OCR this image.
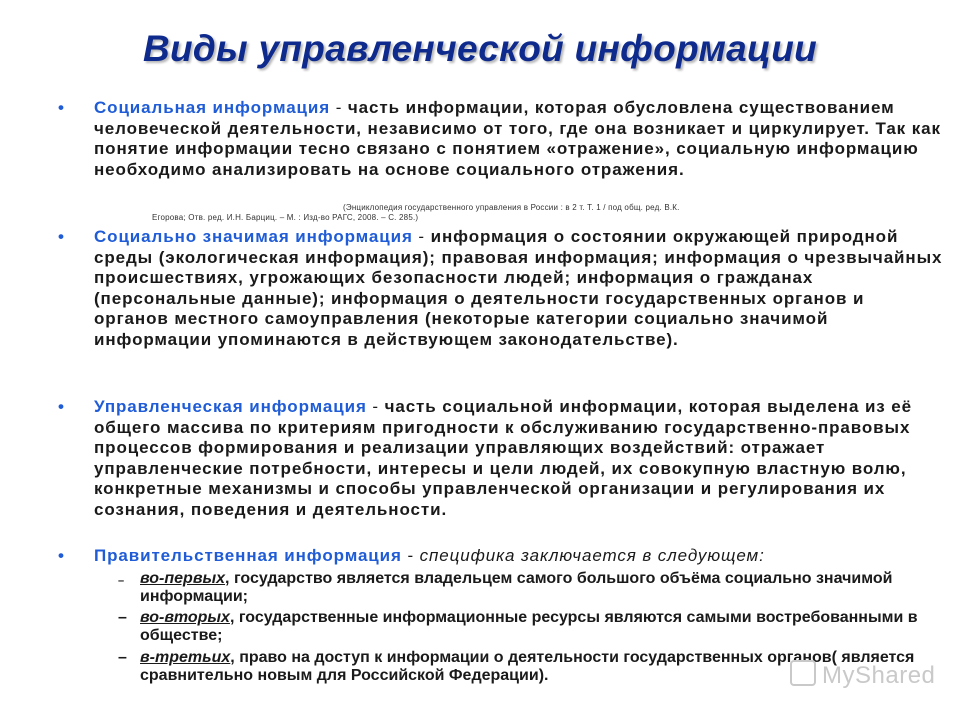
Виды управленческой информации
• Социальная информация - часть информации, которая обусловлена существованием человеческой деятельности, независимо от того, где она возникает и циркулирует. Так как понятие информации тесно связано с понятием «отражение», социальную информацию необходимо анализировать на основе социального отражения.
(Энциклопедия государственного управления в России : в 2 т. Т. 1 / под общ. ред. В.К.
Егорова; Отв. ред. И.Н. Барциц. – М. : Изд-во РАГС, 2008. – С. 285.)
• Социально значимая информация - информация о состоянии окружающей природной среды (экологическая информация); правовая информация; информация о чрезвычайных происшествиях, угрожающих безопасности людей; информация о гражданах (персональные данные); информация о деятельности государственных органов и органов местного самоуправления (некоторые категории социально значимой информации упоминаются в действующем законодательстве).
• Управленческая информация - часть социальной информации, которая выделена из её общего массива по критериям пригодности к обслуживанию государственно-правовых процессов формирования и реализации управляющих воздействий: отражает управленческие потребности, интересы и цели людей, их совокупную властную волю, конкретные механизмы и способы управленческой организации и регулирования их сознания, поведения и деятельности.
• Правительственная информация - специфика заключается в следующем:
– во-первых, государство является владельцем самого большого объёма социально значимой информации;
– во-вторых, государственные информационные ресурсы являются самыми востребованными в обществе;
– в-третьих, право на доступ к информации о деятельности государственных органов( является сравнительно новым для Российской Федерации).	MyShared
